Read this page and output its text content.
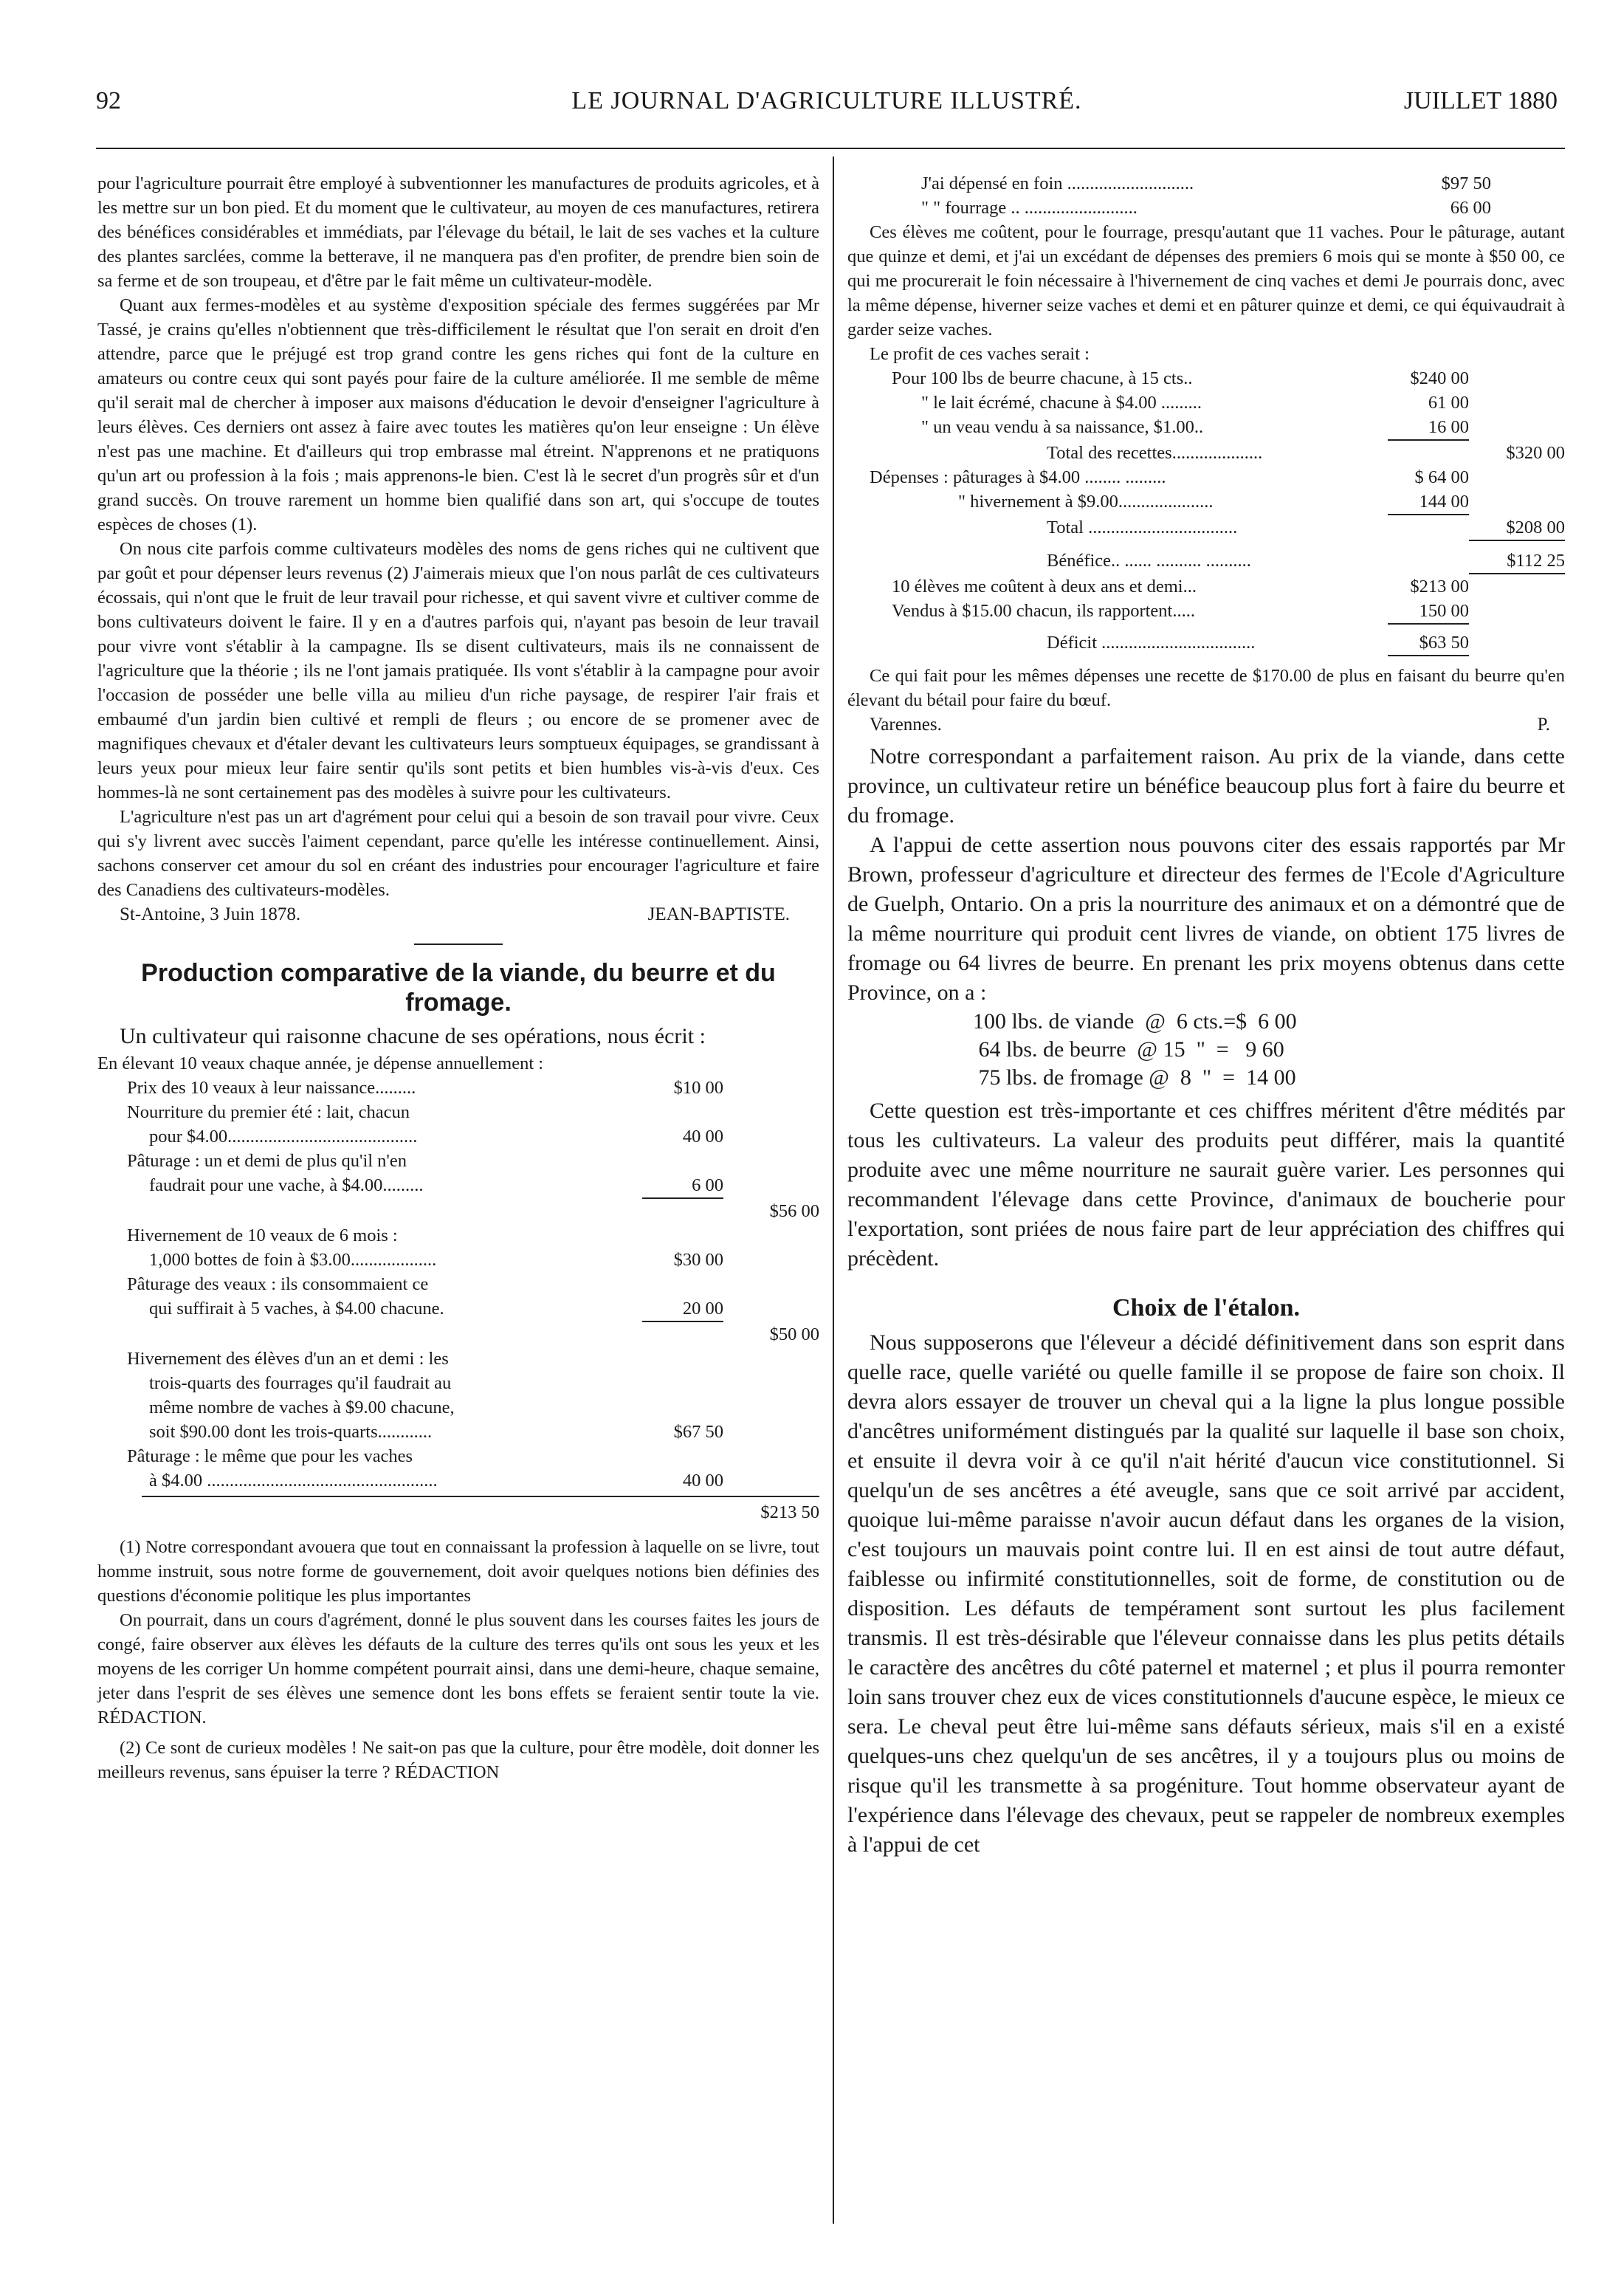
92	LE JOURNAL D'AGRICULTURE ILLUSTRÉ.	JUILLET 1880

pour l'agriculture pourrait être employé à subventionner les manufactures de produits agricoles, et à les mettre sur un bon pied. Et du moment que le cultivateur, au moyen de ces manufactures, retirera des bénéfices considérables et immédiats, par l'élevage du bétail, le lait de ses vaches et la culture des plantes sarclées, comme la betterave, il ne manquera pas d'en profiter, de prendre bien soin de sa ferme et de son troupeau, et d'être par le fait même un cultivateur-modèle.

Quant aux fermes-modèles et au système d'exposition spéciale des fermes suggérées par Mr Tassé, je crains qu'elles n'obtiennent que très-difficilement le résultat que l'on serait en droit d'en attendre, parce que le préjugé est trop grand contre les gens riches qui font de la culture en amateurs ou contre ceux qui sont payés pour faire de la culture améliorée. Il me semble de même qu'il serait mal de chercher à imposer aux maisons d'éducation le devoir d'enseigner l'agriculture à leurs élèves. Ces derniers ont assez à faire avec toutes les matières qu'on leur enseigne : Un élève n'est pas une machine. Et d'ailleurs qui trop embrasse mal étreint. N'apprenons et ne pratiquons qu'un art ou profession à la fois ; mais apprenons-le bien. C'est là le secret d'un progrès sûr et d'un grand succès. On trouve rarement un homme bien qualifié dans son art, qui s'occupe de toutes espèces de choses (1).

On nous cite parfois comme cultivateurs modèles des noms de gens riches qui ne cultivent que par goût et pour dépenser leurs revenus (2) J'aimerais mieux que l'on nous parlât de ces cultivateurs écossais, qui n'ont que le fruit de leur travail pour richesse, et qui savent vivre et cultiver comme de bons cultivateurs doivent le faire. Il y en a d'autres parfois qui, n'ayant pas besoin de leur travail pour vivre vont s'établir à la campagne. Ils se disent cultivateurs, mais ils ne connaissent de l'agriculture que la théorie ; ils ne l'ont jamais pratiquée. Ils vont s'établir à la campagne pour avoir l'occasion de posséder une belle villa au milieu d'un riche paysage, de respirer l'air frais et embaumé d'un jardin bien cultivé et rempli de fleurs ; ou encore de se promener avec de magnifiques chevaux et d'étaler devant les cultivateurs leurs somptueux équipages, se grandissant à leurs yeux pour mieux leur faire sentir qu'ils sont petits et bien humbles vis-à-vis d'eux. Ces hommes-là ne sont certainement pas des modèles à suivre pour les cultivateurs.

L'agriculture n'est pas un art d'agrément pour celui qui a besoin de son travail pour vivre. Ceux qui s'y livrent avec succès l'aiment cependant, parce qu'elle les intéresse continuellement. Ainsi, sachons conserver cet amour du sol en créant des industries pour encourager l'agriculture et faire des Canadiens des cultivateurs-modèles.

St-Antoine, 3 Juin 1878.	JEAN-BAPTISTE.
Production comparative de la viande, du beurre et du fromage.

Un cultivateur qui raisonne chacune de ses opérations, nous écrit :

En élevant 10 veaux chaque année, je dépense annuellement :

Prix des 10 veaux à leur naissance.........	$10 00
Nourriture du premier été : lait, chacun
pour $4.00..........................................	40 00
Pâturage : un et demi de plus qu'il n'en
faudrait pour une vache, à $4.00.........	6 00
$56 00
Hivernement de 10 veaux de 6 mois :
1,000 bottes de foin à $3.00...................	$30 00
Pâturage des veaux : ils consommaient ce
qui suffirait à 5 vaches, à $4.00 chacune.	20 00
$50 00
Hivernement des élèves d'un an et demi : les
trois-quarts des fourrages qu'il faudrait au
même nombre de vaches à $9.00 chacune,
soit $90.00 dont les trois-quarts............	$67 50
Pâturage : le même que pour les vaches
à $4.00 ...................................................	40 00
$213 50

(1) Notre correspondant avouera que tout en connaissant la profession à laquelle on se livre, tout homme instruit, sous notre forme de gouvernement, doit avoir quelques notions bien définies des questions d'économie politique les plus importantes

On pourrait, dans un cours d'agrément, donné le plus souvent dans les courses faites les jours de congé, faire observer aux élèves les défauts de la culture des terres qu'ils ont sous les yeux et les moyens de les corriger Un homme compétent pourrait ainsi, dans une demi-heure, chaque semaine, jeter dans l'esprit de ses élèves une semence dont les bons effets se feraient sentir toute la vie. RÉDACTION.

(2) Ce sont de curieux modèles ! Ne sait-on pas que la culture, pour être modèle, doit donner les meilleurs revenus, sans épuiser la terre ? RÉDACTION

J'ai dépensé en foin ............................	$97 50
" " fourrage .. .........................	66 00

Ces élèves me coûtent, pour le fourrage, presqu'autant que 11 vaches. Pour le pâturage, autant que quinze et demi, et j'ai un excédant de dépenses des premiers 6 mois qui se monte à $50 00, ce qui me procurerait le foin nécessaire à l'hivernement de cinq vaches et demi Je pourrais donc, avec la même dépense, hiverner seize vaches et demi et en pâturer quinze et demi, ce qui équivaudrait à garder seize vaches.

Le profit de ces vaches serait :

Pour 100 lbs de beurre chacune, à 15 cts..	$240 00
" le lait écrémé, chacune à $4.00 .........	61 00
" un veau vendu à sa naissance, $1.00..	16 00
Total des recettes....................	$320 00
Dépenses : pâturages à $4.00 ........ .........	$ 64 00
" hivernement à $9.00.....................	144 00
Total .................................	$208 00
Bénéfice.. ...... .......... ..........	$112 25
10 élèves me coûtent à deux ans et demi...	$213 00
Vendus à $15.00 chacun, ils rapportent.....	150 00
Déficit ..................................	$63 50

Ce qui fait pour les mêmes dépenses une recette de $170.00 de plus en faisant du beurre qu'en élevant du bétail pour faire du bœuf.

Varennes.	P.

Notre correspondant a parfaitement raison. Au prix de la viande, dans cette province, un cultivateur retire un bénéfice beaucoup plus fort à faire du beurre et du fromage.

A l'appui de cette assertion nous pouvons citer des essais rapportés par Mr Brown, professeur d'agriculture et directeur des fermes de l'Ecole d'Agriculture de Guelph, Ontario. On a pris la nourriture des animaux et on a démontré que de la même nourriture qui produit cent livres de viande, on obtient 175 livres de fromage ou 64 livres de beurre. En prenant les prix moyens obtenus dans cette Province, on a :

100 lbs. de viande  @  6 cts.=$  6 00
64 lbs. de beurre  @ 15  "  =   9 60
75 lbs. de fromage @  8  "  =  14 00

Cette question est très-importante et ces chiffres méritent d'être médités par tous les cultivateurs. La valeur des produits peut différer, mais la quantité produite avec une même nourriture ne saurait guère varier. Les personnes qui recommandent l'élevage dans cette Province, d'animaux de boucherie pour l'exportation, sont priées de nous faire part de leur appréciation des chiffres qui précèdent.

Choix de l'étalon.

Nous supposerons que l'éleveur a décidé définitivement dans son esprit dans quelle race, quelle variété ou quelle famille il se propose de faire son choix. Il devra alors essayer de trouver un cheval qui a la ligne la plus longue possible d'ancêtres uniformément distingués par la qualité sur laquelle il base son choix, et ensuite il devra voir à ce qu'il n'ait hérité d'aucun vice constitutionnel. Si quelqu'un de ses ancêtres a été aveugle, sans que ce soit arrivé par accident, quoique lui-même paraisse n'avoir aucun défaut dans les organes de la vision, c'est toujours un mauvais point contre lui. Il en est ainsi de tout autre défaut, faiblesse ou infirmité constitutionnelles, soit de forme, de constitution ou de disposition. Les défauts de tempérament sont surtout les plus facilement transmis. Il est très-désirable que l'éleveur connaisse dans les plus petits détails le caractère des ancêtres du côté paternel et maternel ; et plus il pourra remonter loin sans trouver chez eux de vices constitutionnels d'aucune espèce, le mieux ce sera. Le cheval peut être lui-même sans défauts sérieux, mais s'il en a existé quelques-uns chez quelqu'un de ses ancêtres, il y a toujours plus ou moins de risque qu'il les transmette à sa progéniture. Tout homme observateur ayant de l'expérience dans l'élevage des chevaux, peut se rappeler de nombreux exemples à l'appui de cet
